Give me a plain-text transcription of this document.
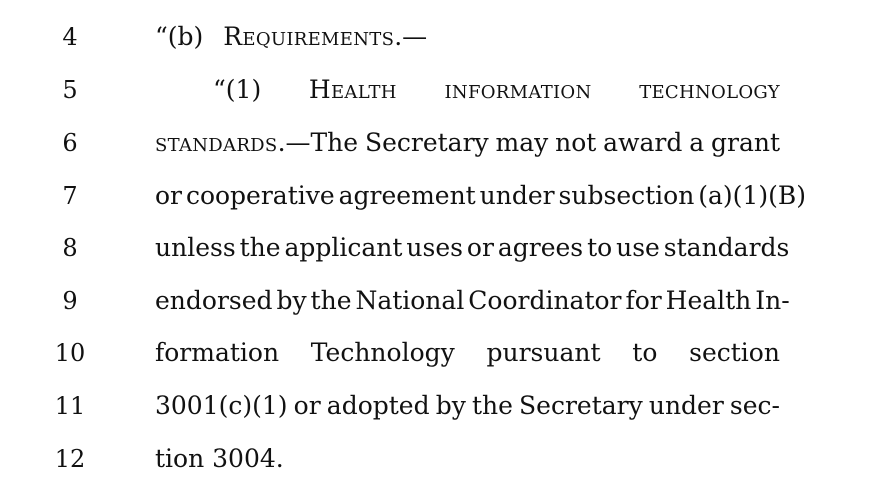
4	“(b) Requirements.—
5	“(1) Health information technology
6	standards.—The Secretary may not award a grant
7	or cooperative agreement under subsection (a)(1)(B)
8	unless the applicant uses or agrees to use standards
9	endorsed by the National Coordinator for Health In-
10	formation Technology pursuant to section
11	3001(c)(1) or adopted by the Secretary under sec-
12	tion 3004.
